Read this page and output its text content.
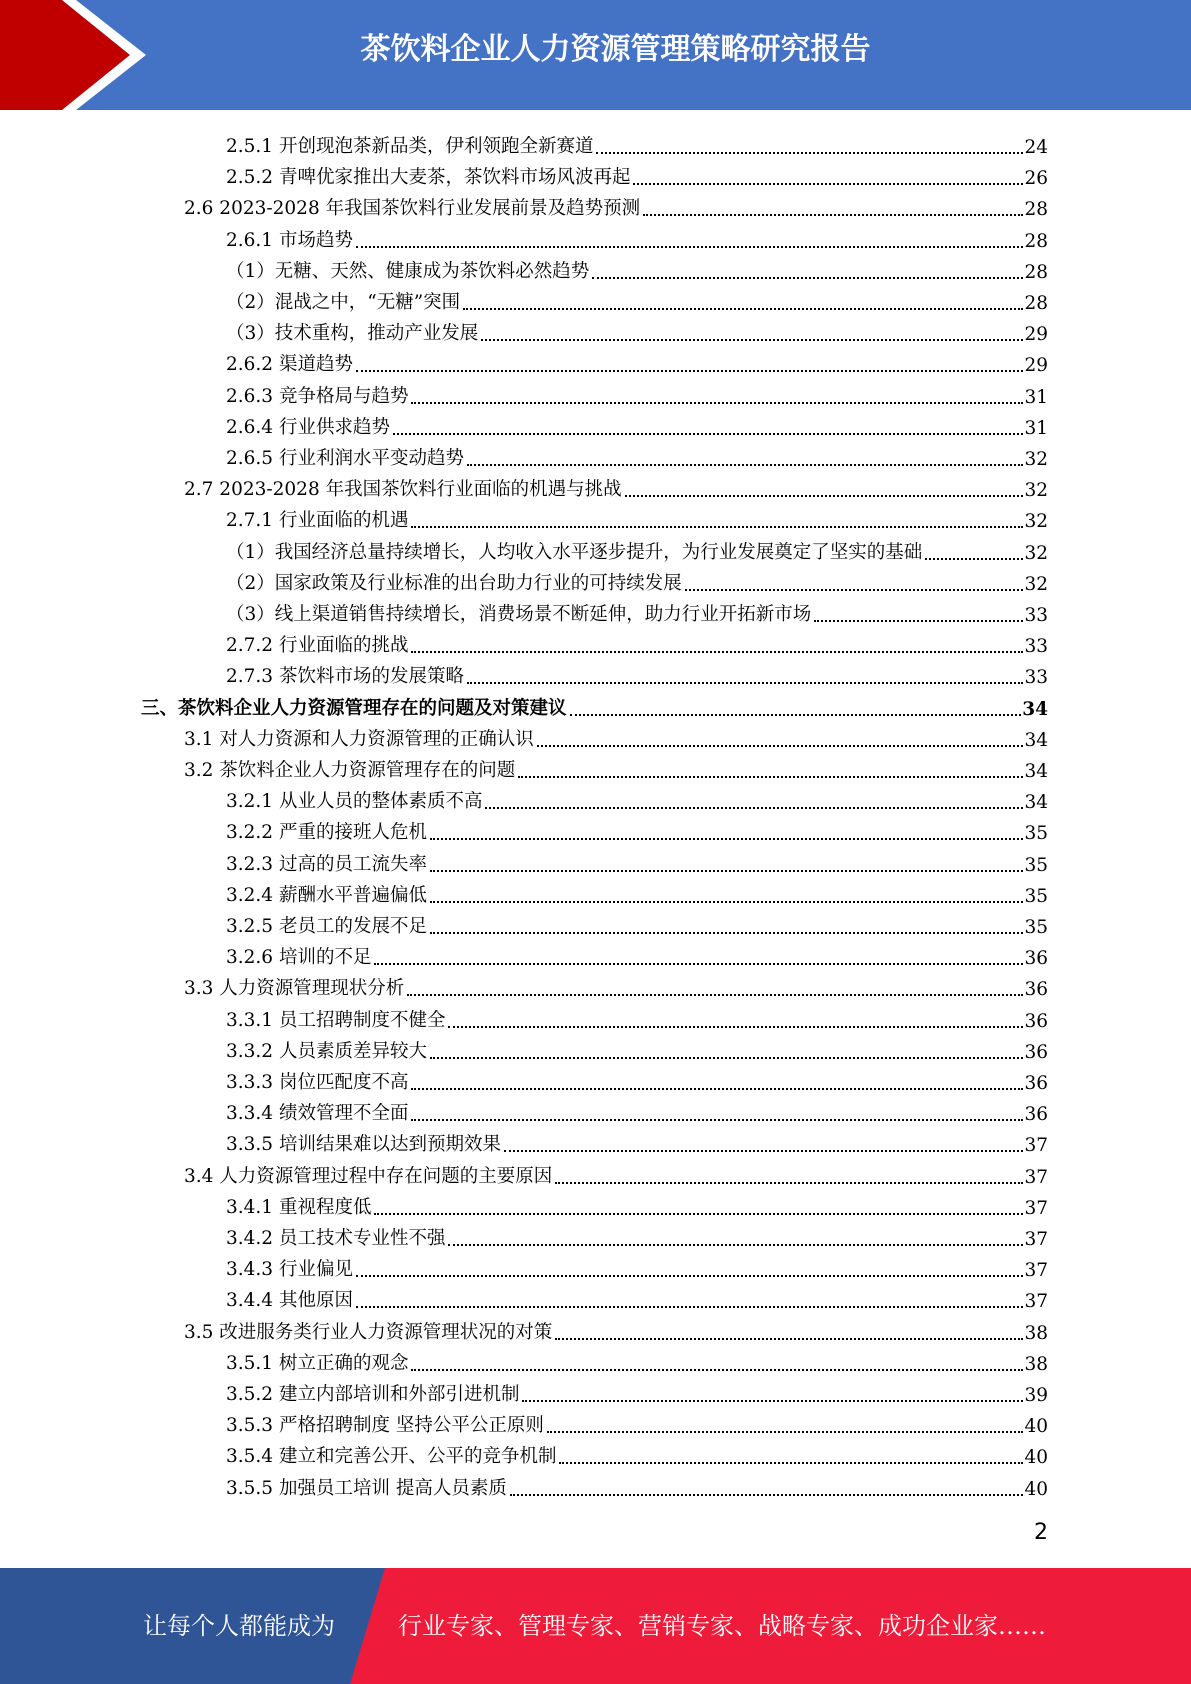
茶饮料企业人力资源管理策略研究报告
2.5.1 开创现泡茶新品类，伊利领跑全新赛道	24
2.5.2 青啤优家推出大麦茶，茶饮料市场风波再起	26
2.6 2023-2028 年我国茶饮料行业发展前景及趋势预测	28
2.6.1 市场趋势	28
（1）无糖、天然、健康成为茶饮料必然趋势	28
（2）混战之中，“无糖”突围	28
（3）技术重构，推动产业发展	29
2.6.2 渠道趋势	29
2.6.3 竞争格局与趋势	31
2.6.4 行业供求趋势	31
2.6.5 行业利润水平变动趋势	32
2.7 2023-2028 年我国茶饮料行业面临的机遇与挑战	32
2.7.1 行业面临的机遇	32
（1）我国经济总量持续增长，人均收入水平逐步提升，为行业发展奠定了坚实的基础	32
（2）国家政策及行业标准的出台助力行业的可持续发展	32
（3）线上渠道销售持续增长，消费场景不断延伸，助力行业开拓新市场	33
2.7.2 行业面临的挑战	33
2.7.3 茶饮料市场的发展策略	33
三、茶饮料企业人力资源管理存在的问题及对策建议	34
3.1 对人力资源和人力资源管理的正确认识	34
3.2 茶饮料企业人力资源管理存在的问题	34
3.2.1 从业人员的整体素质不高	34
3.2.2 严重的接班人危机	35
3.2.3 过高的员工流失率	35
3.2.4 薪酬水平普遍偏低	35
3.2.5 老员工的发展不足	35
3.2.6 培训的不足	36
3.3 人力资源管理现状分析	36
3.3.1 员工招聘制度不健全	36
3.3.2 人员素质差异较大	36
3.3.3 岗位匹配度不高	36
3.3.4 绩效管理不全面	36
3.3.5 培训结果难以达到预期效果	37
3.4 人力资源管理过程中存在问题的主要原因	37
3.4.1 重视程度低	37
3.4.2 员工技术专业性不强	37
3.4.3 行业偏见	37
3.4.4 其他原因	37
3.5 改进服务类行业人力资源管理状况的对策	38
3.5.1 树立正确的观念	38
3.5.2 建立内部培训和外部引进机制	39
3.5.3 严格招聘制度 坚持公平公正原则	40
3.5.4 建立和完善公开、公平的竞争机制	40
3.5.5 加强员工培训 提高人员素质	40
2
让每个人都能成为	行业专家、管理专家、营销专家、战略专家、成功企业家……
